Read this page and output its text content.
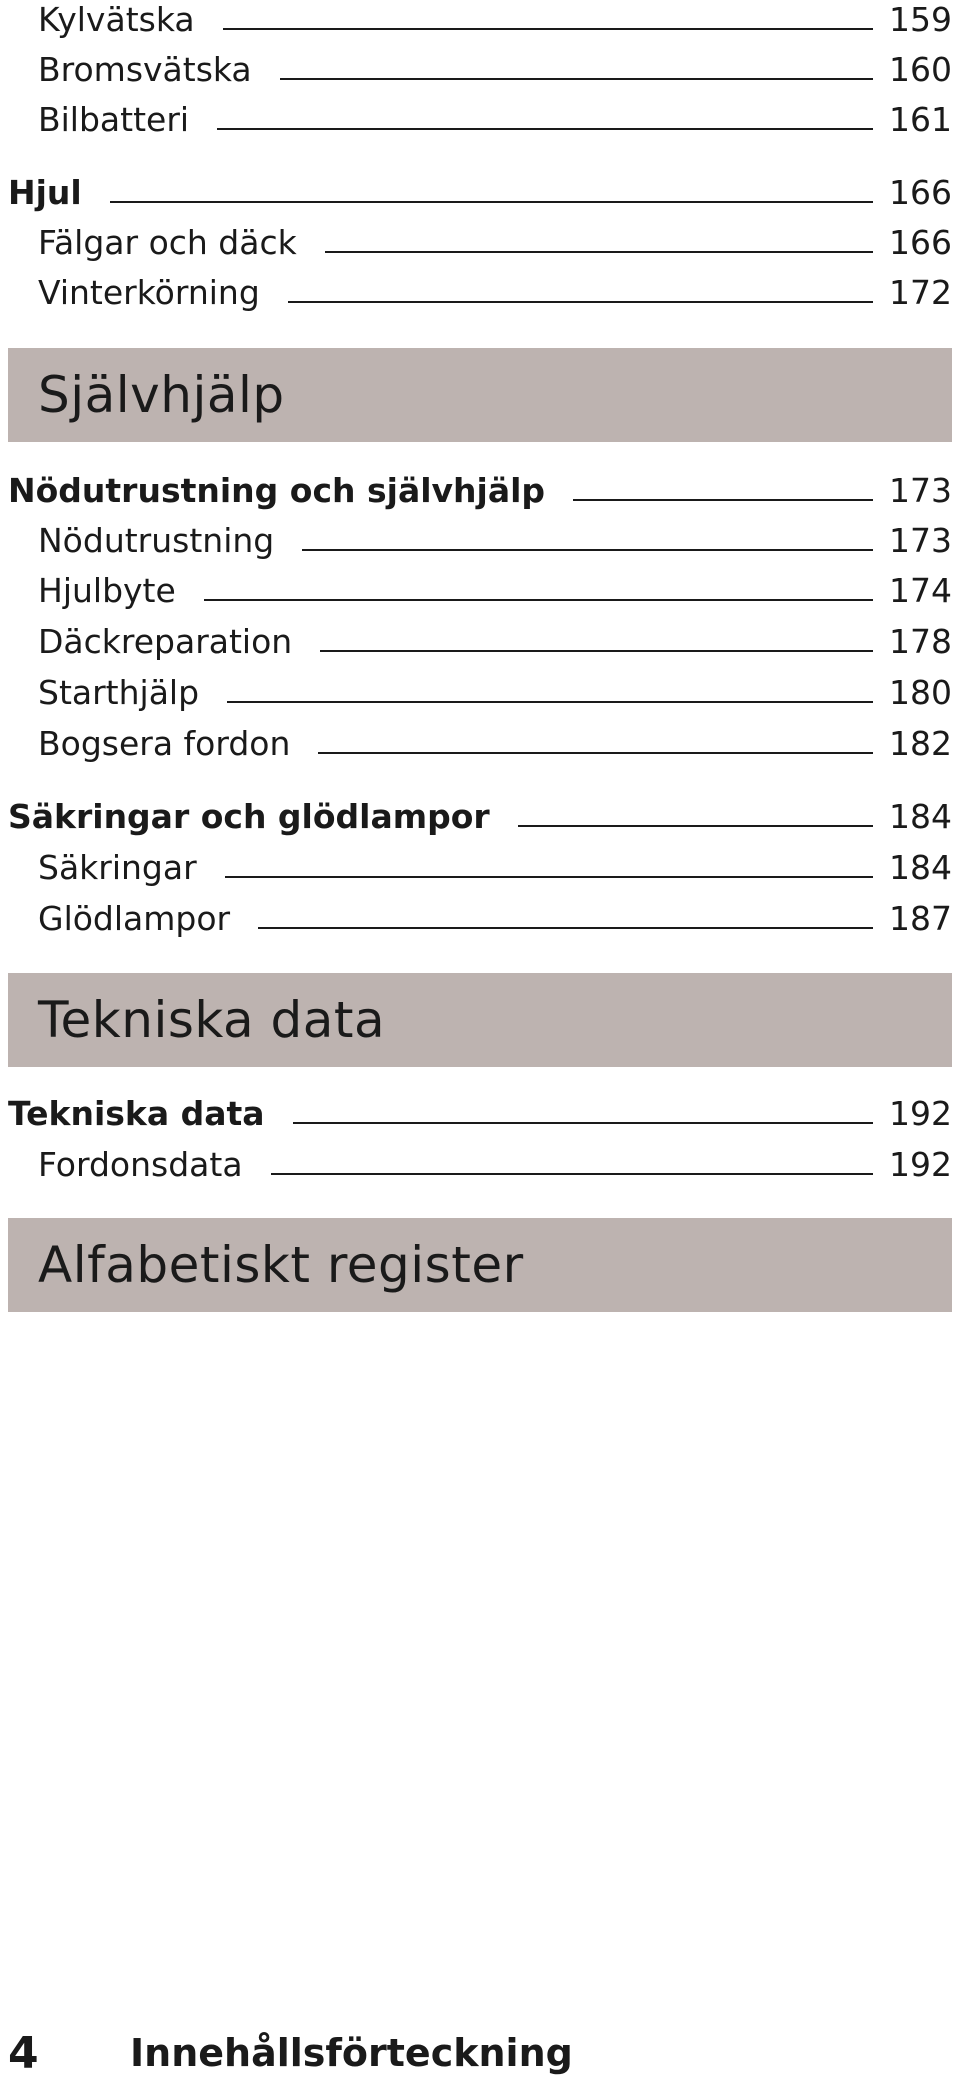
Kylvätska	159
Bromsvätska	160
Bilbatteri	161
Hjul	166
Fälgar och däck	166
Vinterkörning	172
Självhjälp
Nödutrustning och självhjälp	173
Nödutrustning	173
Hjulbyte	174
Däckreparation	178
Starthjälp	180
Bogsera fordon	182
Säkringar och glödlampor	184
Säkringar	184
Glödlampor	187
Tekniska data
Tekniska data	192
Fordonsdata	192
Alfabetiskt register
4	Innehållsförteckning
